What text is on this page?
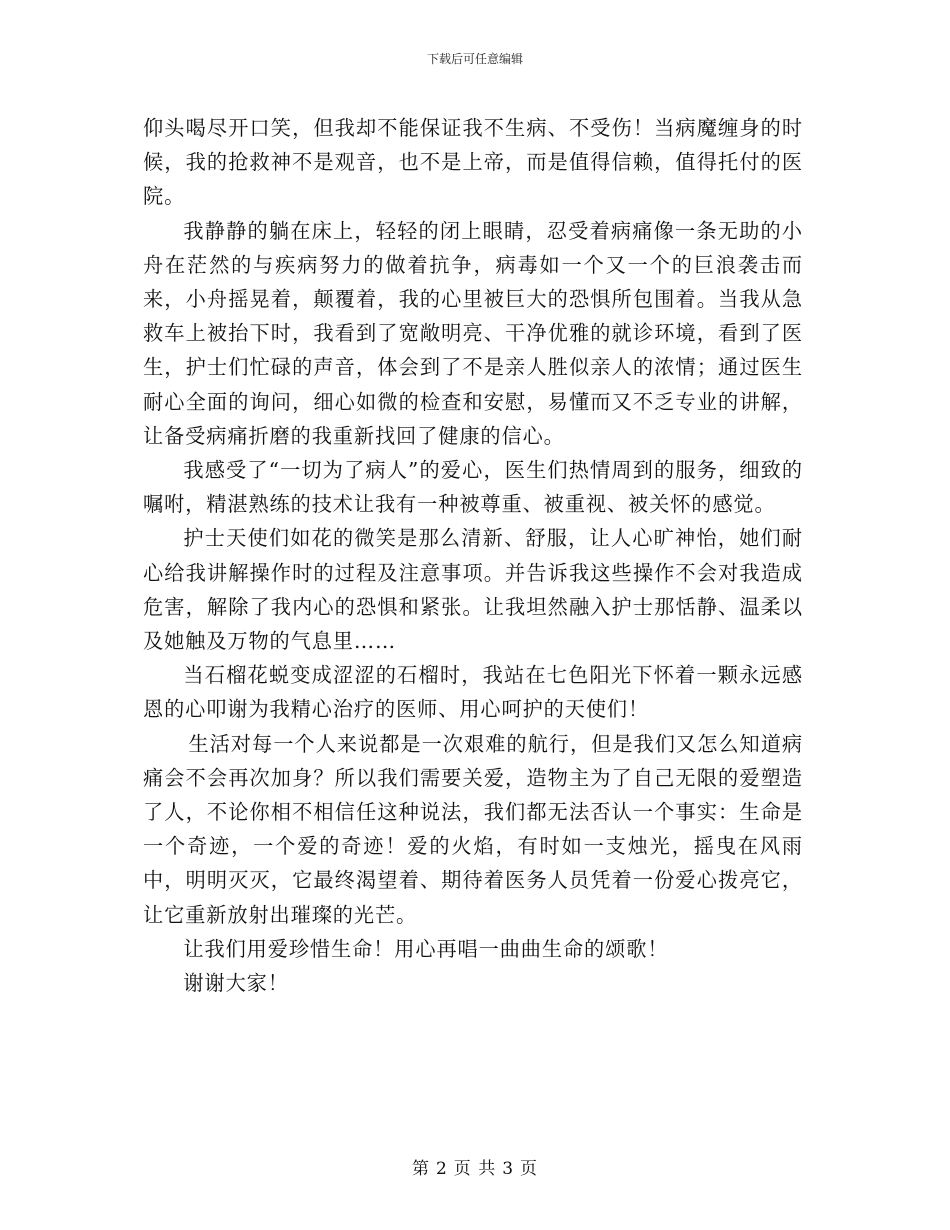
下载后可任意编辑

仰头喝尽开口笑，但我却不能保证我不生病、不受伤！当病魔缠身的时候，我的抢救神不是观音，也不是上帝，而是值得信赖，值得托付的医院。

我静静的躺在床上，轻轻的闭上眼睛，忍受着病痛像一条无助的小舟在茫然的与疾病努力的做着抗争，病毒如一个又一个的巨浪袭击而来，小舟摇晃着，颠覆着，我的心里被巨大的恐惧所包围着。当我从急救车上被抬下时，我看到了宽敞明亮、干净优雅的就诊环境，看到了医生，护士们忙碌的声音，体会到了不是亲人胜似亲人的浓情；通过医生耐心全面的询问，细心如微的检查和安慰，易懂而又不乏专业的讲解，让备受病痛折磨的我重新找回了健康的信心。

我感受了“一切为了病人”的爱心，医生们热情周到的服务，细致的嘱咐，精湛熟练的技术让我有一种被尊重、被重视、被关怀的感觉。

护士天使们如花的微笑是那么清新、舒服，让人心旷神怡，她们耐心给我讲解操作时的过程及注意事项。并告诉我这些操作不会对我造成危害，解除了我内心的恐惧和紧张。让我坦然融入护士那恬静、温柔以及她触及万物的气息里……

当石榴花蜕变成涩涩的石榴时，我站在七色阳光下怀着一颗永远感恩的心叩谢为我精心治疗的医师、用心呵护的天使们！

生活对每一个人来说都是一次艰难的航行，但是我们又怎么知道病痛会不会再次加身？所以我们需要关爱，造物主为了自己无限的爱塑造了人，不论你相不相信任这种说法，我们都无法否认一个事实：生命是一个奇迹，一个爱的奇迹！爱的火焰，有时如一支烛光，摇曳在风雨中，明明灭灭，它最终渴望着、期待着医务人员凭着一份爱心拨亮它，让它重新放射出璀璨的光芒。

让我们用爱珍惜生命！用心再唱一曲曲生命的颂歌！

谢谢大家！

第 2 页 共 3 页
